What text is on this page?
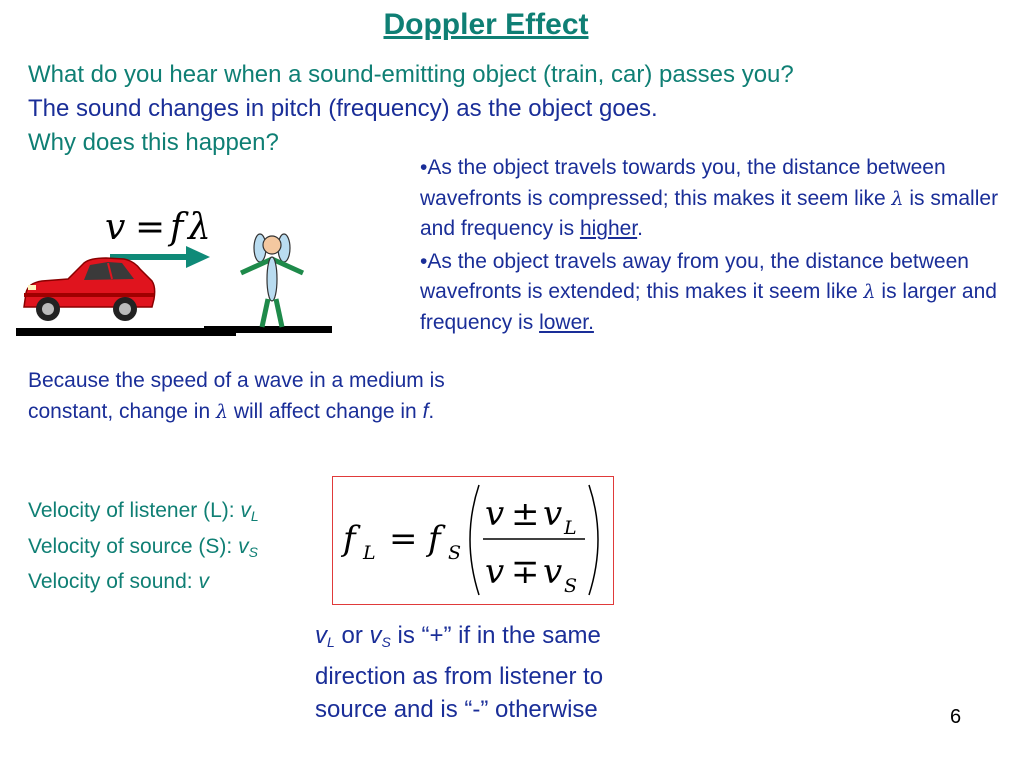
Doppler Effect
What do you hear when a sound-emitting object (train, car) passes you?
The sound changes in pitch (frequency) as the object goes.
Why does this happen?

•As the object travels towards you, the distance between wavefronts is compressed; this makes it seem like λ is smaller and frequency is higher.

•As the object travels away from you, the distance between wavefronts is extended; this makes it seem like λ is larger and frequency is lower.

v = f λ
Because the speed of a wave in a medium is
constant, change in λ will affect change in f.
Velocity of listener (L): $v_L$
Velocity of source (S): $v_S$
Velocity of sound: v
f L = f S
v ± v L
v ∓ v S
$v_L$ or $v_S$ is “+” if in the same
direction as from listener to
source and is “-” otherwise	6
